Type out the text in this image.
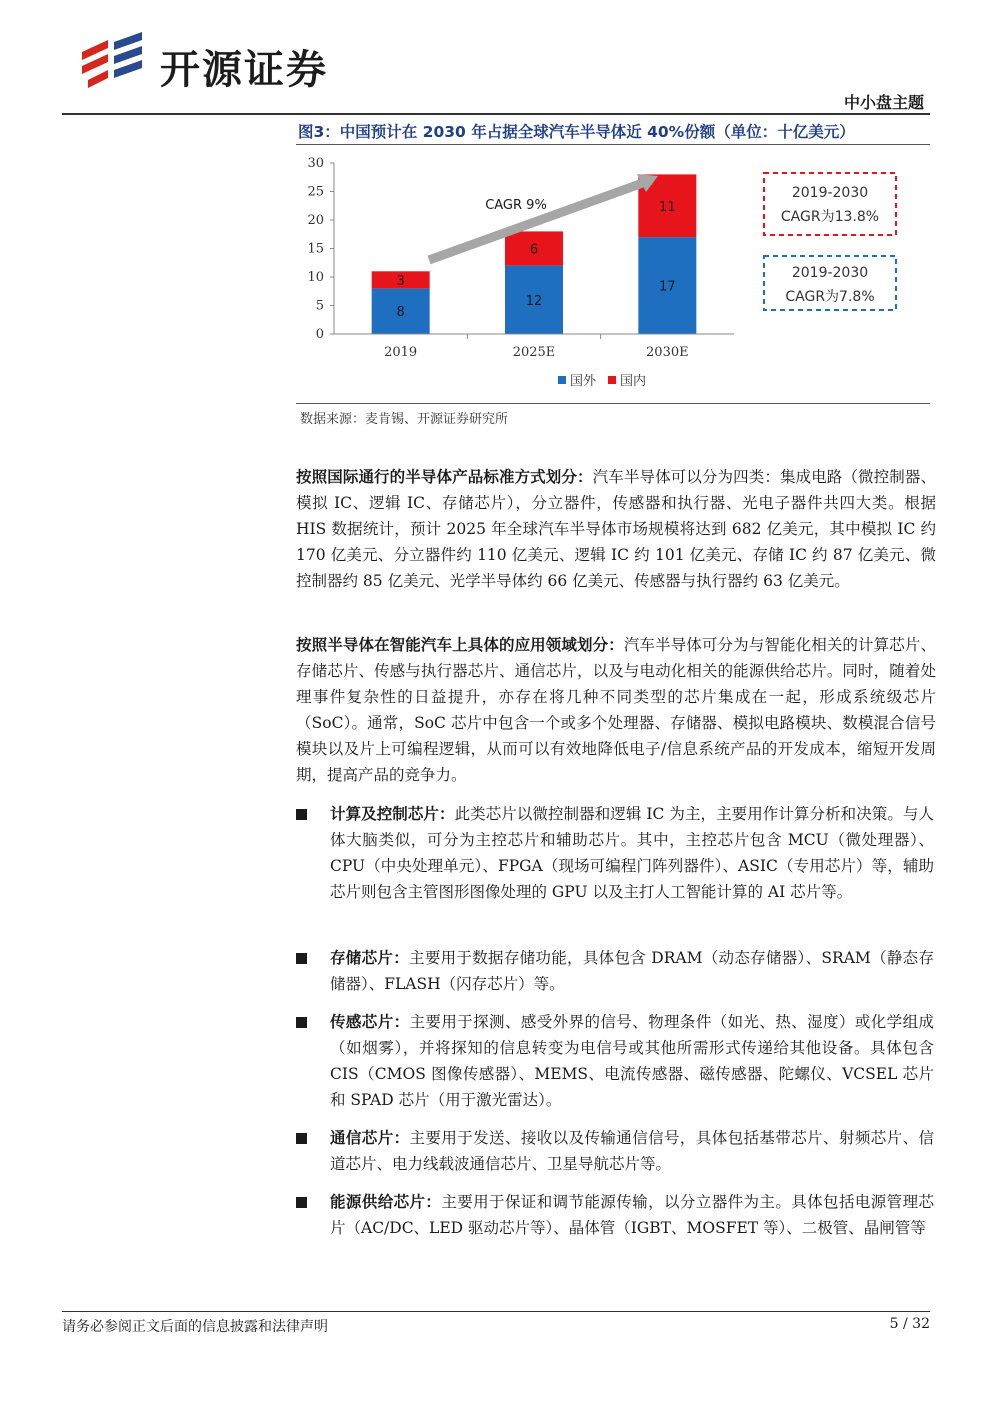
开源证券
中小盘主题
图3：中国预计在 2030 年占据全球汽车半导体近 40%份额（单位：十亿美元）
0
5
10
15
20
25
30
8
3
12
6
17
11
2019	2025E	2030E
CAGR 9%
2019-2030
CAGR为13.8%
2019-2030
CAGR为7.8%
国外 国内
数据来源：麦肯锡、开源证券研究所
按照国际通行的半导体产品标准方式划分：汽车半导体可以分为四类：集成电路（微控制器、模拟 IC、逻辑 IC、存储芯片），分立器件，传感器和执行器、光电子器件共四大类。根据 HIS 数据统计，预计 2025 年全球汽车半导体市场规模将达到 682 亿美元，其中模拟 IC 约 170 亿美元、分立器件约 110 亿美元、逻辑 IC 约 101 亿美元、存储 IC 约 87 亿美元、微控制器约 85 亿美元、光学半导体约 66 亿美元、传感器与执行器约 63 亿美元。
按照半导体在智能汽车上具体的应用领域划分：汽车半导体可分为与智能化相关的计算芯片、存储芯片、传感与执行器芯片、通信芯片，以及与电动化相关的能源供给芯片。同时，随着处理事件复杂性的日益提升，亦存在将几种不同类型的芯片集成在一起，形成系统级芯片（SoC）。通常，SoC 芯片中包含一个或多个处理器、存储器、模拟电路模块、数模混合信号模块以及片上可编程逻辑，从而可以有效地降低电子/信息系统产品的开发成本，缩短开发周期，提高产品的竞争力。
计算及控制芯片：此类芯片以微控制器和逻辑 IC 为主，主要用作计算分析和决策。与人体大脑类似，可分为主控芯片和辅助芯片。其中，主控芯片包含 MCU（微处理器）、CPU（中央处理单元）、FPGA（现场可编程门阵列器件）、ASIC（专用芯片）等，辅助芯片则包含主管图形图像处理的 GPU 以及主打人工智能计算的 AI 芯片等。
存储芯片：主要用于数据存储功能，具体包含 DRAM（动态存储器）、SRAM（静态存储器）、FLASH（闪存芯片）等。
传感芯片：主要用于探测、感受外界的信号、物理条件（如光、热、湿度）或化学组成（如烟雾），并将探知的信息转变为电信号或其他所需形式传递给其他设备。具体包含 CIS（CMOS 图像传感器）、MEMS、电流传感器、磁传感器、陀螺仪、VCSEL 芯片和 SPAD 芯片（用于激光雷达）。
通信芯片：主要用于发送、接收以及传输通信信号，具体包括基带芯片、射频芯片、信道芯片、电力线载波通信芯片、卫星导航芯片等。
能源供给芯片：主要用于保证和调节能源传输，以分立器件为主。具体包括电源管理芯片（AC/DC、LED 驱动芯片等）、晶体管（IGBT、MOSFET 等）、二极管、晶闸管等
请务必参阅正文后面的信息披露和法律声明	5 / 32
